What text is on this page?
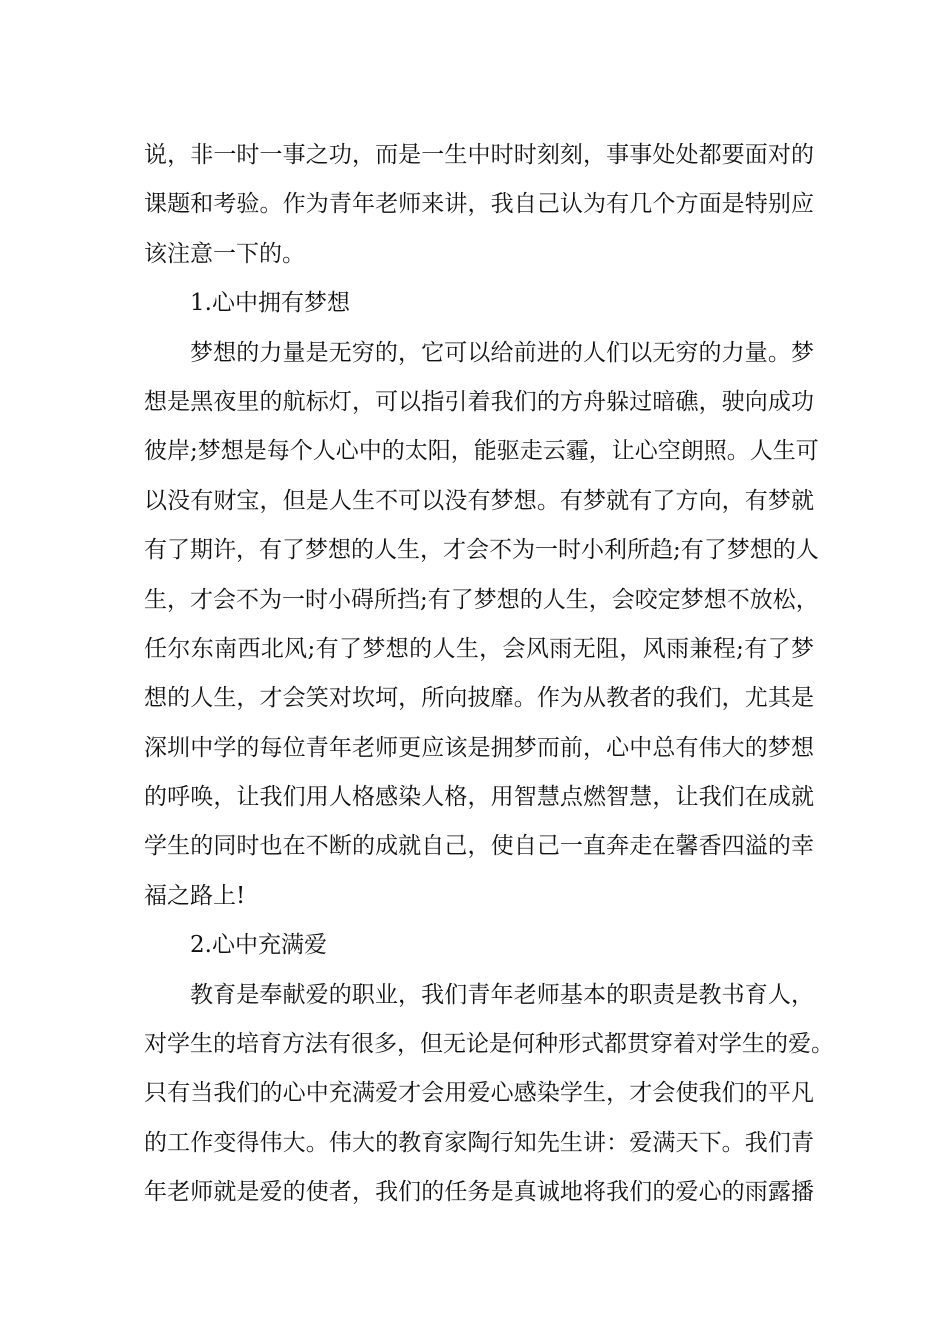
说，非一时一事之功，而是一生中时时刻刻，事事处处都要面对的
课题和考验。作为青年老师来讲，我自己认为有几个方面是特别应
该注意一下的。
1.心中拥有梦想
梦想的力量是无穷的，它可以给前进的人们以无穷的力量。梦
想是黑夜里的航标灯，可以指引着我们的方舟躲过暗礁，驶向成功
彼岸;梦想是每个人心中的太阳，能驱走云霾，让心空朗照。人生可
以没有财宝，但是人生不可以没有梦想。有梦就有了方向，有梦就
有了期许，有了梦想的人生，才会不为一时小利所趋;有了梦想的人
生，才会不为一时小碍所挡;有了梦想的人生，会咬定梦想不放松，
任尔东南西北风;有了梦想的人生，会风雨无阻，风雨兼程;有了梦
想的人生，才会笑对坎坷，所向披靡。作为从教者的我们，尤其是
深圳中学的每位青年老师更应该是拥梦而前，心中总有伟大的梦想
的呼唤，让我们用人格感染人格，用智慧点燃智慧，让我们在成就
学生的同时也在不断的成就自己，使自己一直奔走在馨香四溢的幸
福之路上!
2.心中充满爱
教育是奉献爱的职业，我们青年老师基本的职责是教书育人，
对学生的培育方法有很多，但无论是何种形式都贯穿着对学生的爱。
只有当我们的心中充满爱才会用爱心感染学生，才会使我们的平凡
的工作变得伟大。伟大的教育家陶行知先生讲：爱满天下。我们青
年老师就是爱的使者，我们的任务是真诚地将我们的爱心的雨露播
